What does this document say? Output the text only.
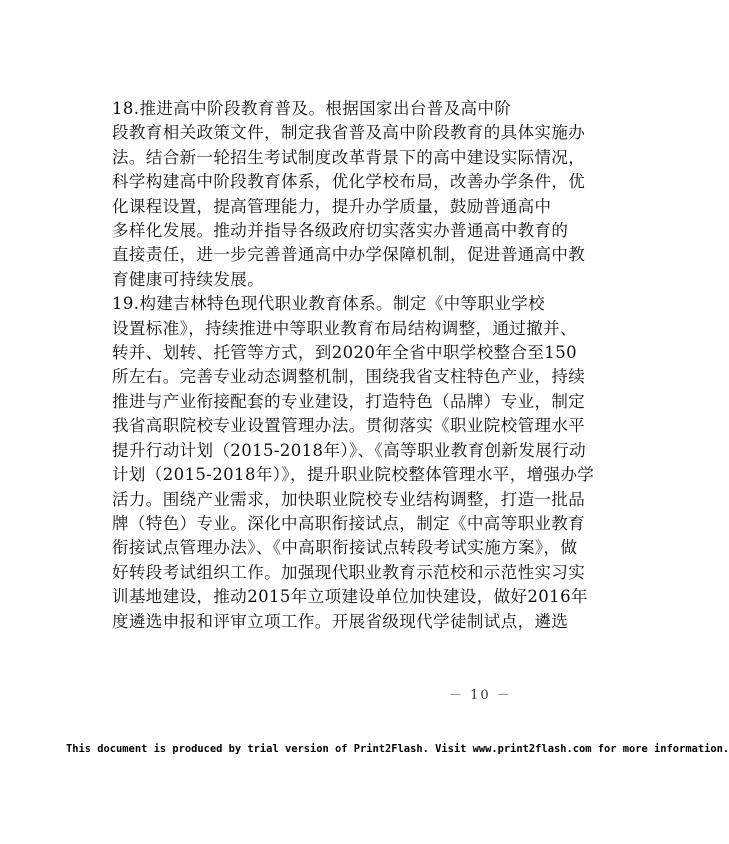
18.推进高中阶段教育普及。根据国家出台普及高中阶
段教育相关政策文件，制定我省普及高中阶段教育的具体实施办
法。结合新一轮招生考试制度改革背景下的高中建设实际情况，
科学构建高中阶段教育体系，优化学校布局，改善办学条件，优
化课程设置，提高管理能力，提升办学质量，鼓励普通高中
多样化发展。推动并指导各级政府切实落实办普通高中教育的
直接责任，进一步完善普通高中办学保障机制，促进普通高中教
育健康可持续发展。

19.构建吉林特色现代职业教育体系。制定《中等职业学校
设置标准》，持续推进中等职业教育布局结构调整，通过撤并、
转并、划转、托管等方式，到2020年全省中职学校整合至150
所左右。完善专业动态调整机制，围绕我省支柱特色产业，持续
推进与产业衔接配套的专业建设，打造特色（品牌）专业，制定
我省高职院校专业设置管理办法。贯彻落实《职业院校管理水平
提升行动计划（2015-2018年）》、《高等职业教育创新发展行动
计划（2015-2018年）》，提升职业院校整体管理水平，增强办学
活力。围绕产业需求，加快职业院校专业结构调整，打造一批品
牌（特色）专业。深化中高职衔接试点，制定《中高等职业教育
衔接试点管理办法》、《中高职衔接试点转段考试实施方案》，做
好转段考试组织工作。加强现代职业教育示范校和示范性实习实
训基地建设，推动2015年立项建设单位加快建设，做好2016年
度遴选申报和评审立项工作。开展省级现代学徒制试点，遴选

－ 10 －
This document is produced by trial version of Print2Flash. Visit www.print2flash.com for more information.
